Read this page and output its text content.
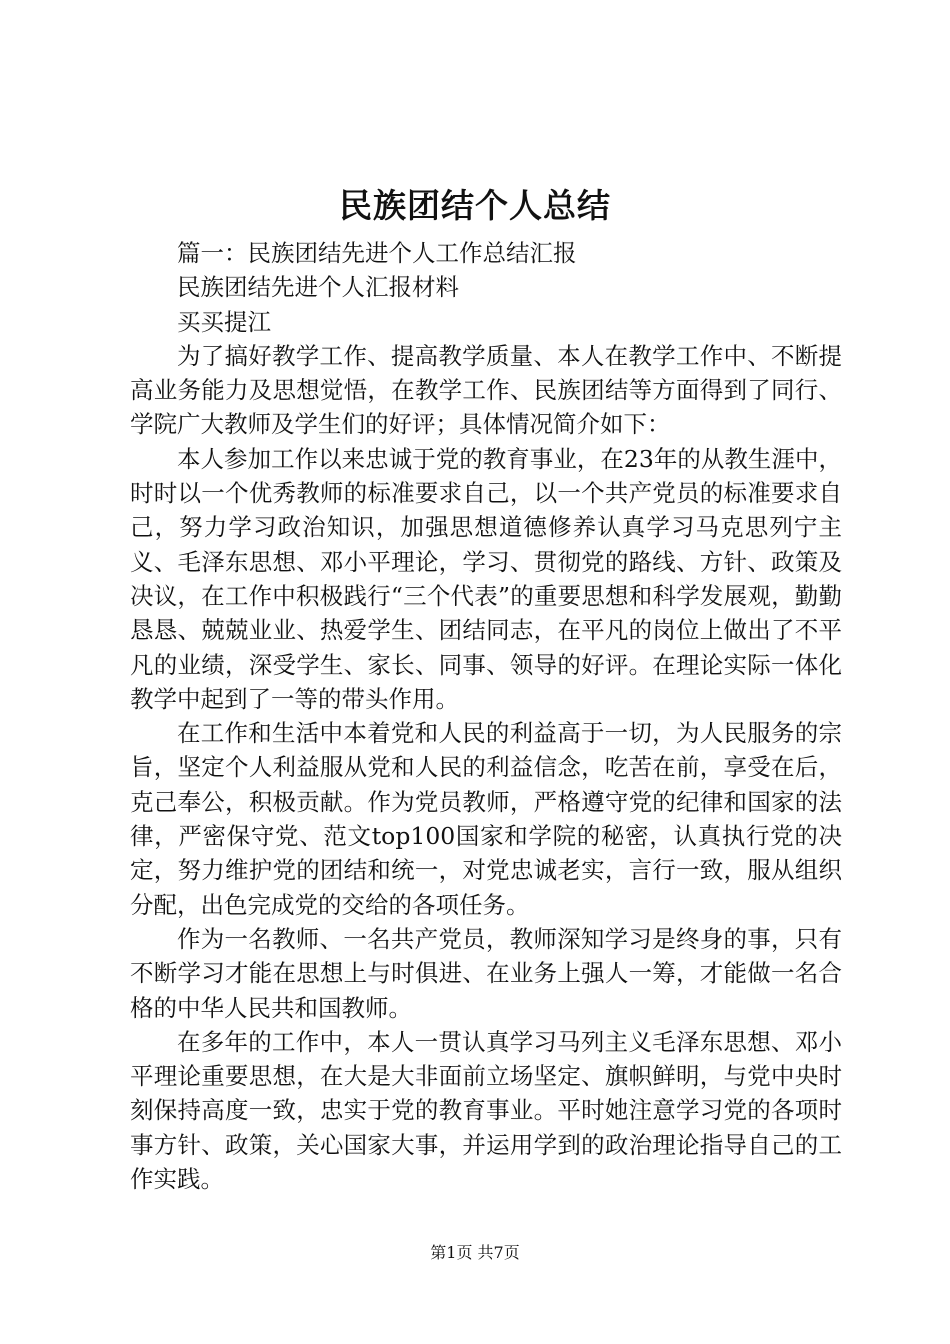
民族团结个人总结

篇一：民族团结先进个人工作总结汇报

民族团结先进个人汇报材料

买买提江

为了搞好教学工作、提高教学质量、本人在教学工作中、不断提高业务能力及思想觉悟，在教学工作、民族团结等方面得到了同行、学院广大教师及学生们的好评；具体情况简介如下：

本人参加工作以来忠诚于党的教育事业，在23年的从教生涯中，时时以一个优秀教师的标准要求自己，以一个共产党员的标准要求自己，努力学习政治知识，加强思想道德修养认真学习马克思列宁主义、毛泽东思想、邓小平理论，学习、贯彻党的路线、方针、政策及决议，在工作中积极践行“三个代表”的重要思想和科学发展观，勤勤恳恳、兢兢业业、热爱学生、团结同志，在平凡的岗位上做出了不平凡的业绩，深受学生、家长、同事、领导的好评。在理论实际一体化教学中起到了一等的带头作用。

在工作和生活中本着党和人民的利益高于一切，为人民服务的宗旨，坚定个人利益服从党和人民的利益信念，吃苦在前，享受在后，克己奉公，积极贡献。作为党员教师，严格遵守党的纪律和国家的法律，严密保守党、范文top100国家和学院的秘密，认真执行党的决定，努力维护党的团结和统一，对党忠诚老实，言行一致，服从组织分配，出色完成党的交给的各项任务。

作为一名教师、一名共产党员，教师深知学习是终身的事，只有不断学习才能在思想上与时俱进、在业务上强人一筹，才能做一名合格的中华人民共和国教师。

在多年的工作中，本人一贯认真学习马列主义毛泽东思想、邓小平理论重要思想，在大是大非面前立场坚定、旗帜鲜明，与党中央时刻保持高度一致，忠实于党的教育事业。平时她注意学习党的各项时事方针、政策，关心国家大事，并运用学到的政治理论指导自己的工作实践。

第1页 共7页
